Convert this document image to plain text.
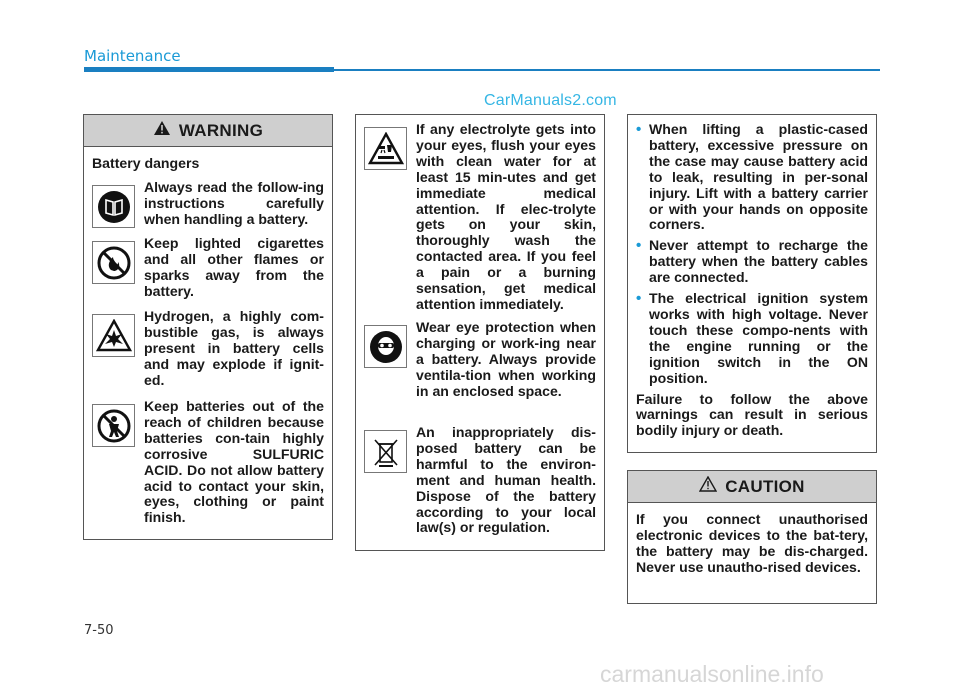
Maintenance
CarManuals2.com
WARNING
Battery dangers
Always read the follow-ing instructions carefully when handling a battery.
Keep lighted cigarettes and all other flames or sparks away from the battery.
Hydrogen, a highly com-bustible gas, is always present in battery cells and may explode if ignit-ed.
Keep batteries out of the reach of children because batteries con-tain highly corrosive SULFURIC ACID. Do not allow battery acid to contact your skin, eyes, clothing or paint finish.
If any electrolyte gets into your eyes, flush your eyes with clean water for at least 15 min-utes and get immediate medical attention. If elec-trolyte gets on your skin, thoroughly wash the contacted area. If you feel a pain or a burning sensation, get medical attention immediately.
Wear eye protection when charging or work-ing near a battery. Always provide ventila-tion when working in an enclosed space.
An inappropriately dis-posed battery can be harmful to the environ-ment and human health. Dispose of the battery according to your local law(s) or regulation.
• When lifting a plastic-cased battery, excessive pressure on the case may cause battery acid to leak, resulting in per-sonal injury. Lift with a battery carrier or with your hands on opposite corners.
• Never attempt to recharge the battery when the battery cables are connected.
• The electrical ignition system works with high voltage. Never touch these compo-nents with the engine running or the ignition switch in the ON position.
Failure to follow the above warnings can result in serious bodily injury or death.
CAUTION
If you connect unauthorised electronic devices to the bat-tery, the battery may be dis-charged. Never use unautho-rised devices.
7-50
carmanualsonline.info
